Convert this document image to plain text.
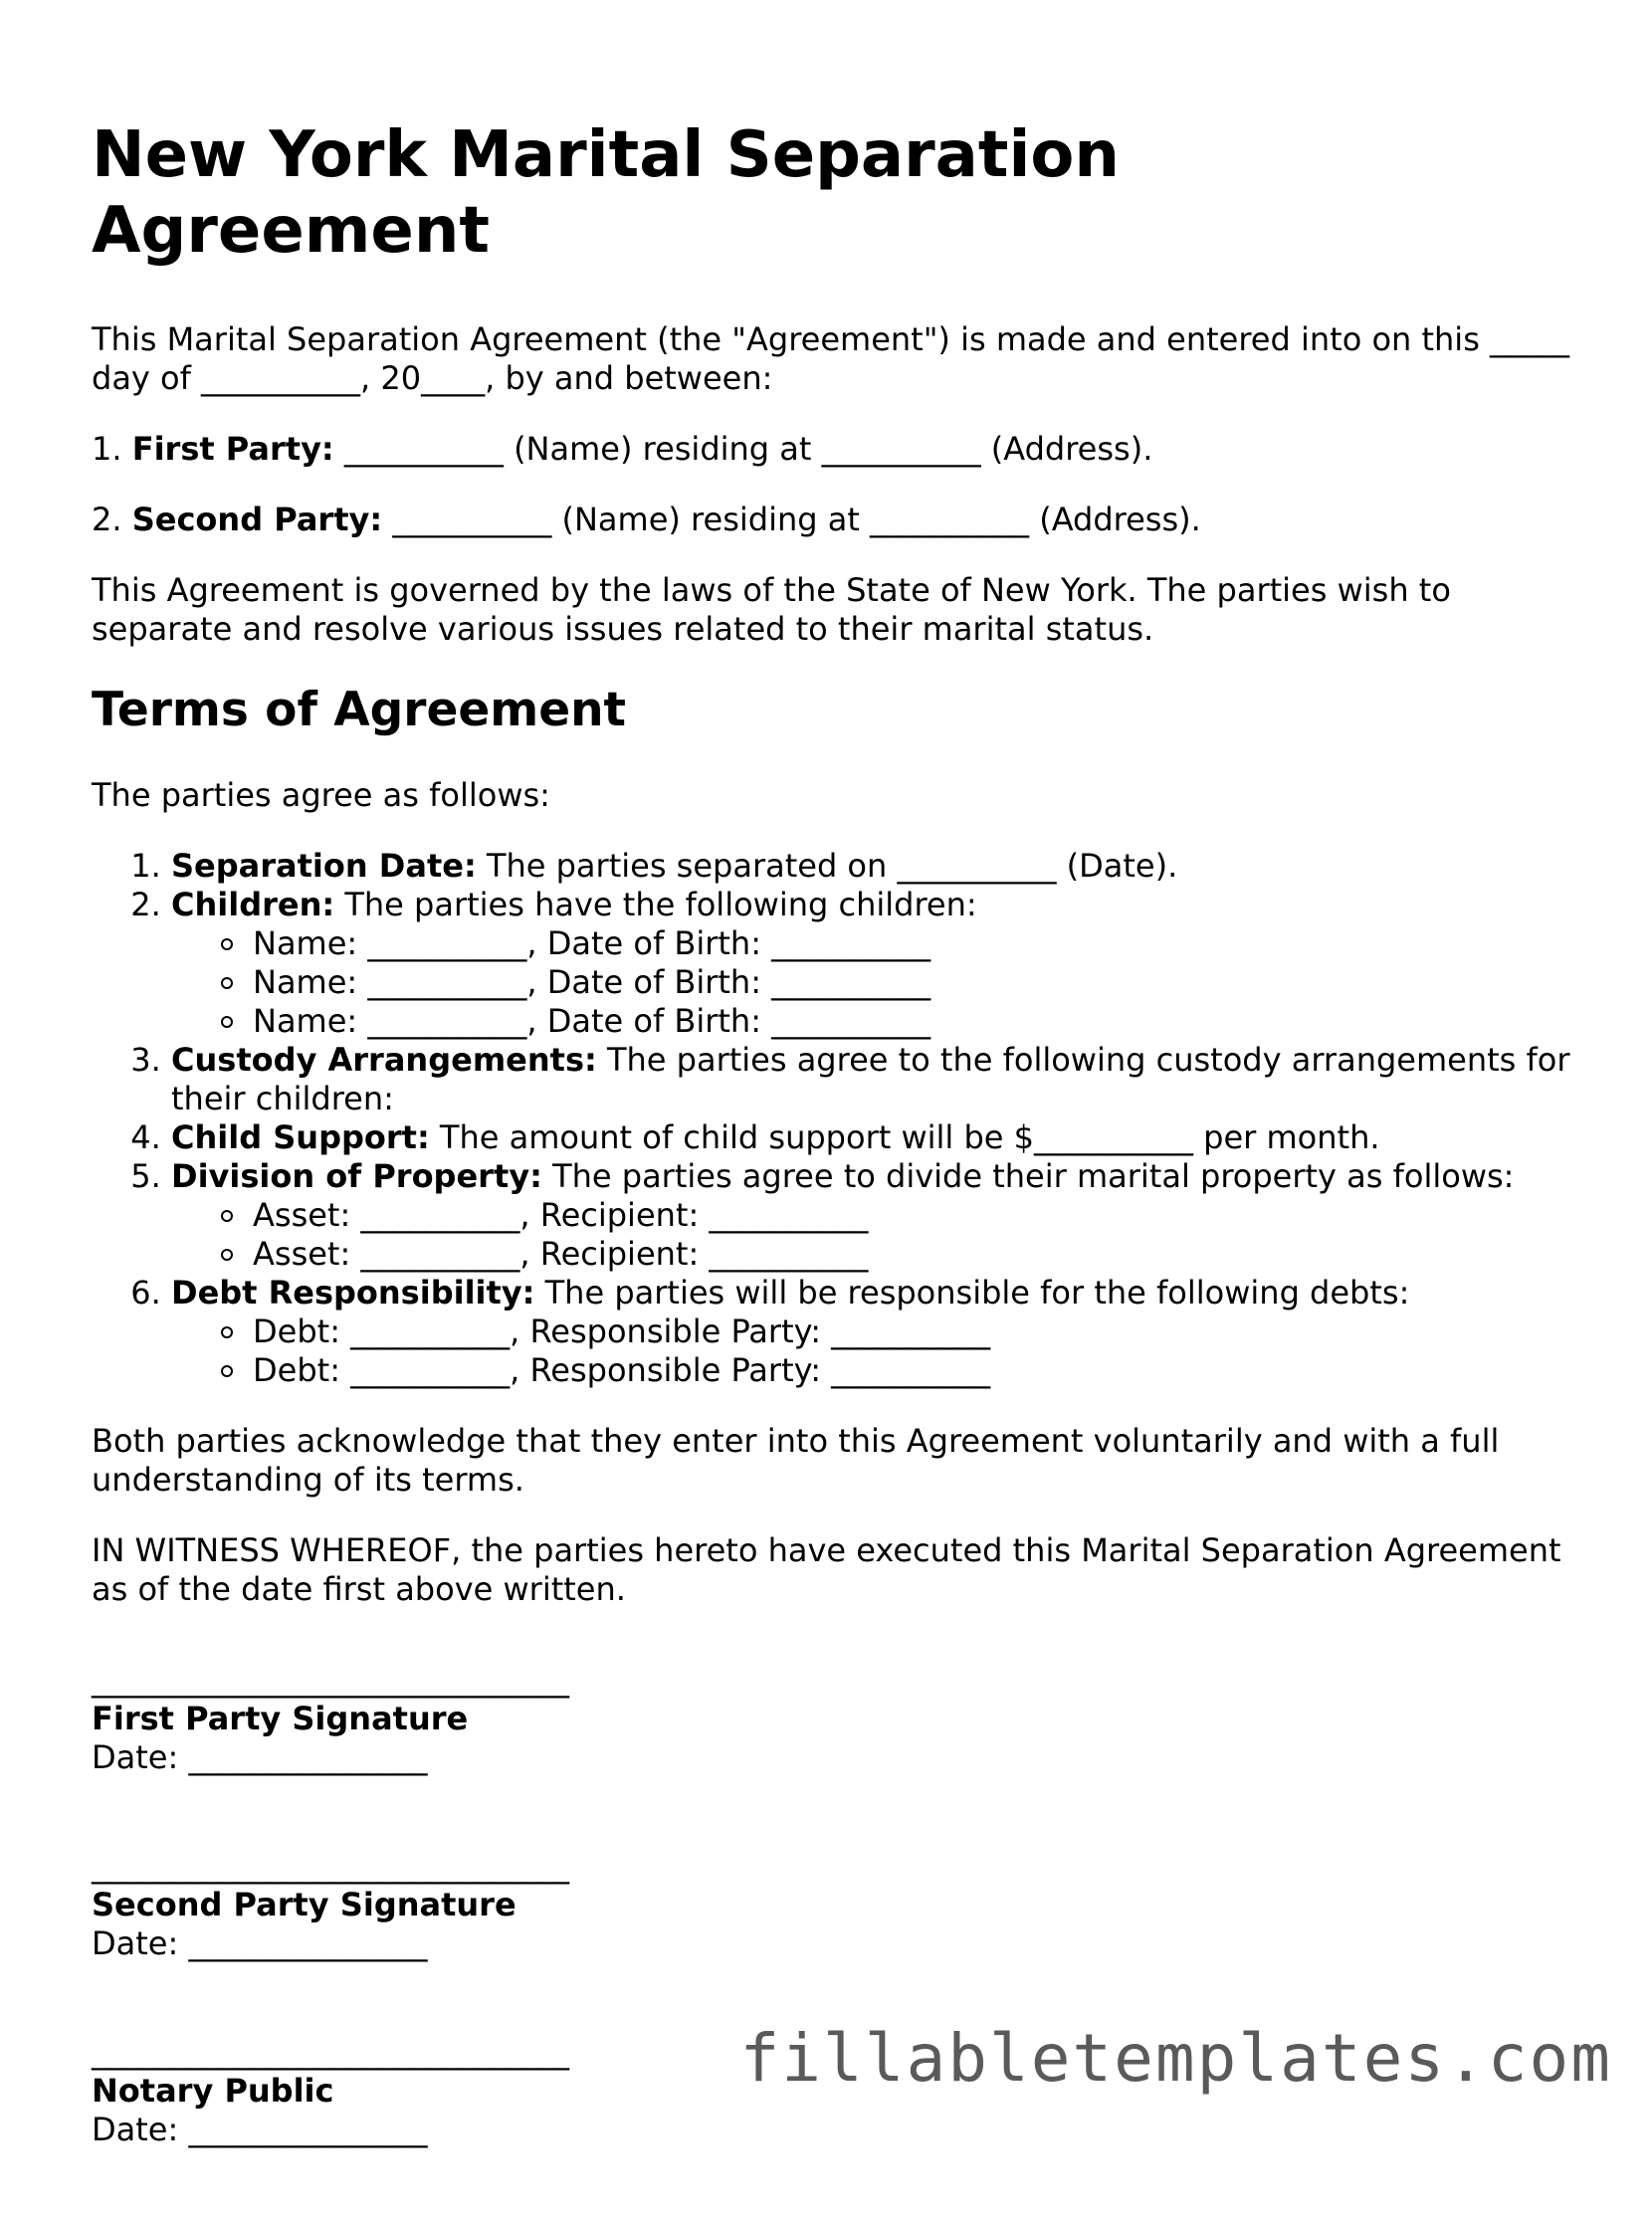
New York Marital Separation Agreement

This Marital Separation Agreement (the "Agreement") is made and entered into on this _____ day of __________, 20____, by and between:

1. First Party: __________ (Name) residing at __________ (Address).

2. Second Party: __________ (Name) residing at __________ (Address).

This Agreement is governed by the laws of the State of New York. The parties wish to separate and resolve various issues related to their marital status.

Terms of Agreement

The parties agree as follows:

1. Separation Date: The parties separated on __________ (Date).
2. Children: The parties have the following children:
Name: __________, Date of Birth: __________
Name: __________, Date of Birth: __________
Name: __________, Date of Birth: __________
3. Custody Arrangements: The parties agree to the following custody arrangements for their children:
4. Child Support: The amount of child support will be $__________ per month.
5. Division of Property: The parties agree to divide their marital property as follows:
Asset: __________, Recipient: __________
Asset: __________, Recipient: __________
6. Debt Responsibility: The parties will be responsible for the following debts:
Debt: __________, Responsible Party: __________
Debt: __________, Responsible Party: __________

Both parties acknowledge that they enter into this Agreement voluntarily and with a full understanding of its terms.

IN WITNESS WHEREOF, the parties hereto have executed this Marital Separation Agreement as of the date first above written.

______________________________
First Party Signature
Date: _______________
______________________________
Second Party Signature
Date: _______________
______________________________
Notary Public
Date: _______________
fillabletemplates.com
